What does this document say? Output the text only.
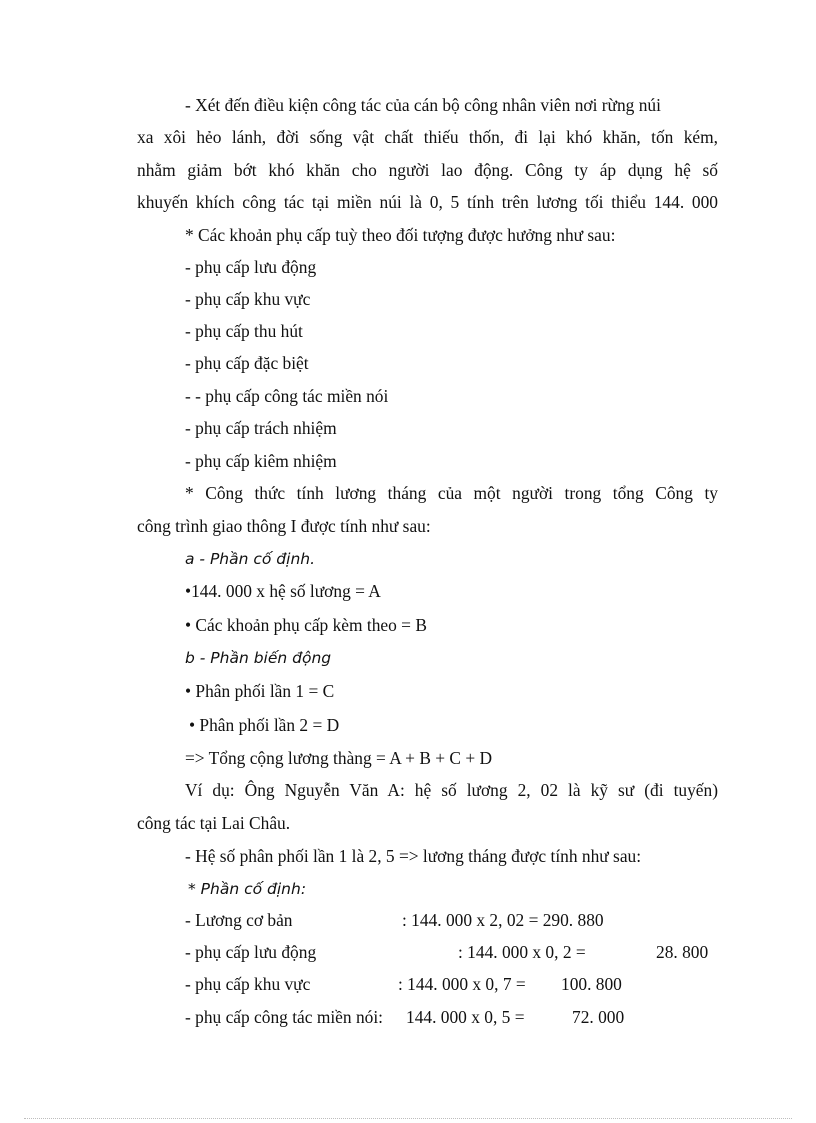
- Xét đến điều kiện công tác của cán bộ công nhân viên nơi rừng núi
xa xôi hẻo lánh, đời sống vật chất thiếu thốn, đi lại khó khăn, tốn kém,
nhằm giảm bớt khó khăn cho người lao động. Công ty áp dụng hệ số
khuyến khích công tác tại miền núi là 0, 5 tính trên lương tối thiểu 144. 000
* Các khoản phụ cấp tuỳ theo đối tượng được hưởng như sau:
- phụ cấp lưu động
- phụ cấp khu vực
- phụ cấp thu hút
- phụ cấp đặc biệt
- - phụ cấp công tác miền nói
- phụ cấp trách nhiệm
- phụ cấp kiêm nhiệm
* Công thức tính lương tháng của một người trong tổng Công ty
công trình giao thông I được tính như sau:
a - Phần cố định.
•144. 000 x hệ số lương = A
• Các khoản phụ cấp kèm theo = B
b - Phần biến động
• Phân phối lần 1 = C
• Phân phối lần 2 = D
=> Tổng cộng lương thàng = A + B + C + D
Ví dụ: Ông Nguyễn Văn A: hệ số lương 2, 02 là kỹ sư (đi tuyến)
công tác tại Lai Châu.
- Hệ số phân phối lần 1 là 2, 5 => lương tháng được tính như sau:
* Phần cố định:
- Lương cơ bản	: 144. 000 x 2, 02 = 290. 880
- phụ cấp lưu động	: 144. 000 x 0, 2 =	28. 800
- phụ cấp khu vực	: 144. 000 x 0, 7 = 100. 800
- phụ cấp công tác miền nói: 144. 000 x 0, 5 =	72. 000
